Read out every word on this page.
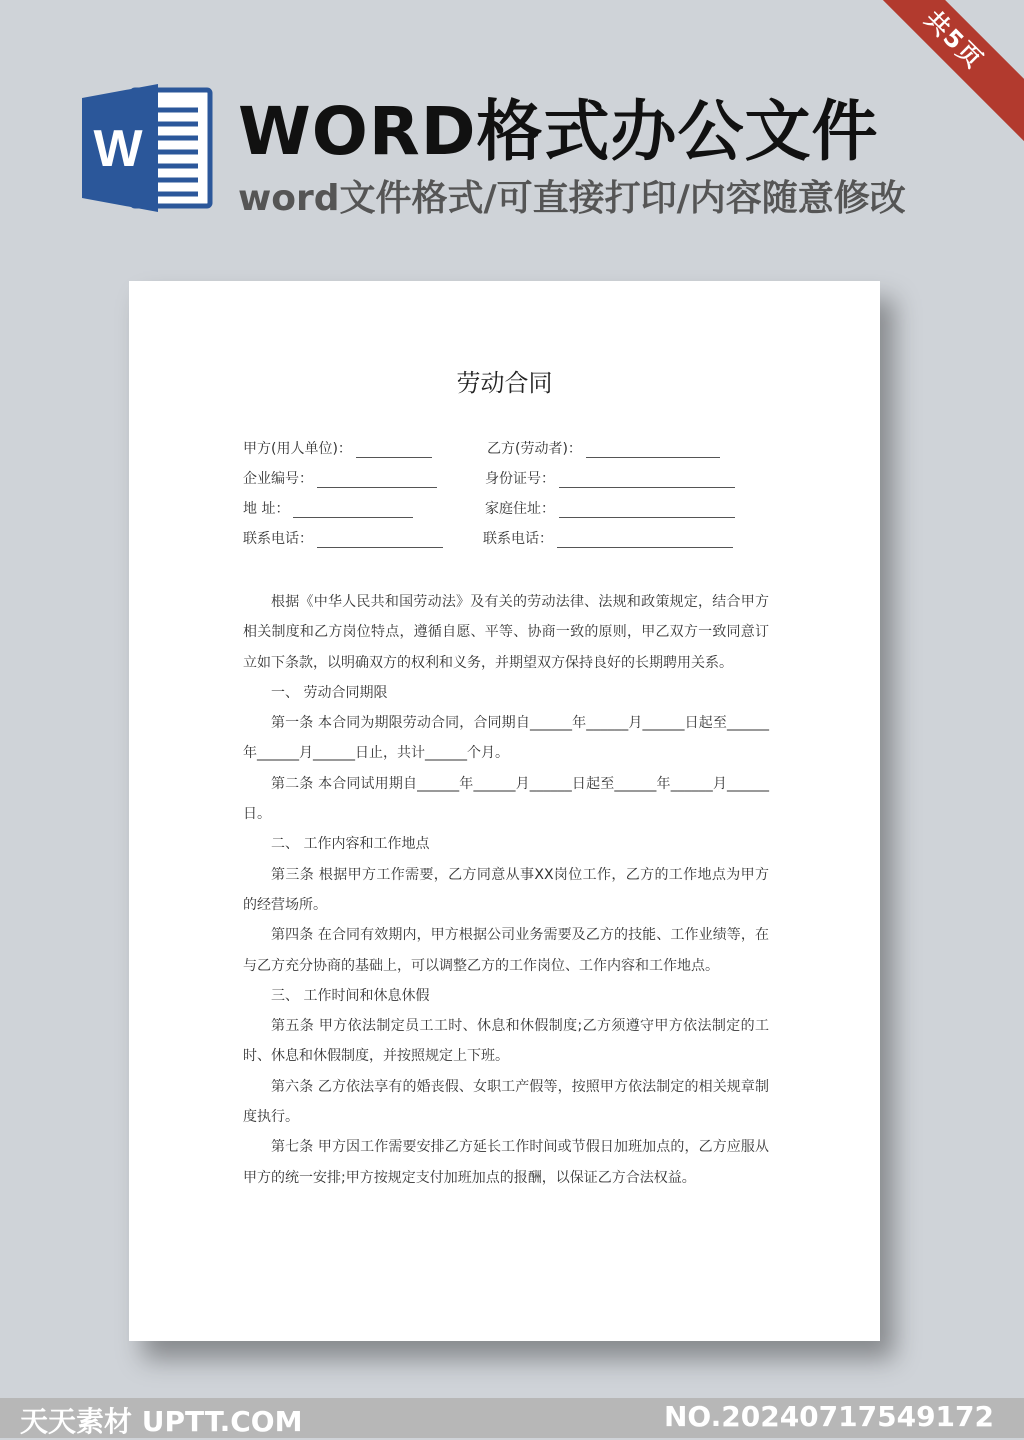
共5页
W WORD格式办公文件
word文件格式/可直接打印/内容随意修改
劳动合同
甲方(用人单位)：
企业编号：
地 址：
联系电话：
乙方(劳动者)：
身份证号：
家庭住址：
联系电话：

根据《中华人民共和国劳动法》及有关的劳动法律、法规和政策规定，结合甲方相关制度和乙方岗位特点，遵循自愿、平等、协商一致的原则，甲乙双方一致同意订立如下条款，以明确双方的权利和义务，并期望双方保持良好的长期聘用关系。

一、 劳动合同期限

第一条 本合同为期限劳动合同，合同期自______年______月______日起至______年______月______日止，共计______个月。

第二条 本合同试用期自______年______月______日起至______年______月______日。

二、 工作内容和工作地点

第三条 根据甲方工作需要，乙方同意从事XX岗位工作，乙方的工作地点为甲方的经营场所。

第四条 在合同有效期内，甲方根据公司业务需要及乙方的技能、工作业绩等，在与乙方充分协商的基础上，可以调整乙方的工作岗位、工作内容和工作地点。

三、 工作时间和休息休假

第五条 甲方依法制定员工工时、休息和休假制度;乙方须遵守甲方依法制定的工时、休息和休假制度，并按照规定上下班。

第六条 乙方依法享有的婚丧假、女职工产假等，按照甲方依法制定的相关规章制度执行。

第七条 甲方因工作需要安排乙方延长工作时间或节假日加班加点的，乙方应服从甲方的统一安排;甲方按规定支付加班加点的报酬，以保证乙方合法权益。

天天素材 UPTT.COM	NO.20240717549172
